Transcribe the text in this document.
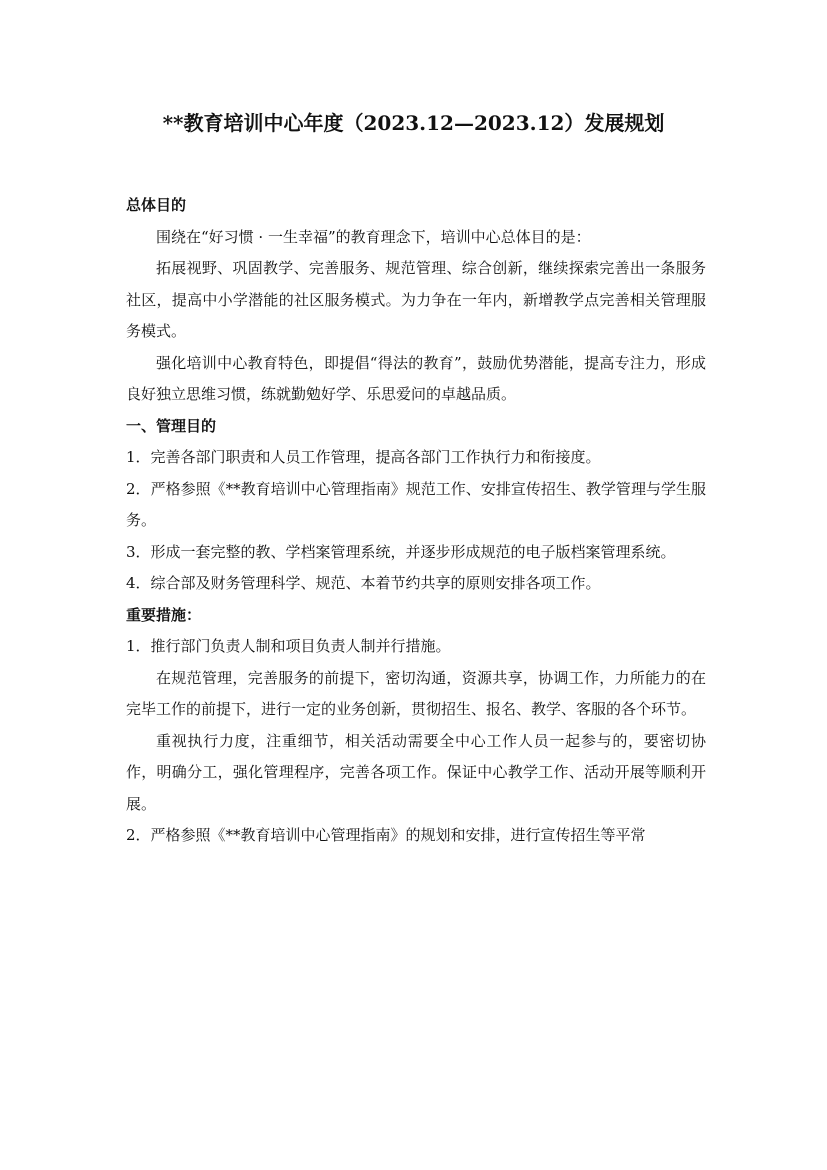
**教育培训中心年度（2023.12—2023.12）发展规划

总体目的

围绕在“好习惯 · 一生幸福”的教育理念下，培训中心总体目的是：

拓展视野、巩固教学、完善服务、规范管理、综合创新，继续探索完善出一条服务社区，提高中小学潜能的社区服务模式。为力争在一年内，新增教学点完善相关管理服务模式。

强化培训中心教育特色，即提倡“得法的教育”，鼓励优势潜能，提高专注力，形成良好独立思维习惯，练就勤勉好学、乐思爱问的卓越品质。

一、管理目的

1．完善各部门职责和人员工作管理，提高各部门工作执行力和衔接度。

2．严格参照《**教育培训中心管理指南》规范工作、安排宣传招生、教学管理与学生服务。

3．形成一套完整的教、学档案管理系统，并逐步形成规范的电子版档案管理系统。

4．综合部及财务管理科学、规范、本着节约共享的原则安排各项工作。

重要措施：

1．推行部门负责人制和项目负责人制并行措施。

在规范管理，完善服务的前提下，密切沟通，资源共享，协调工作，力所能力的在完毕工作的前提下，进行一定的业务创新，贯彻招生、报名、教学、客服的各个环节。

重视执行力度，注重细节，相关活动需要全中心工作人员一起参与的，要密切协作，明确分工，强化管理程序，完善各项工作。保证中心教学工作、活动开展等顺利开展。

2．严格参照《**教育培训中心管理指南》的规划和安排，进行宣传招生等平常
